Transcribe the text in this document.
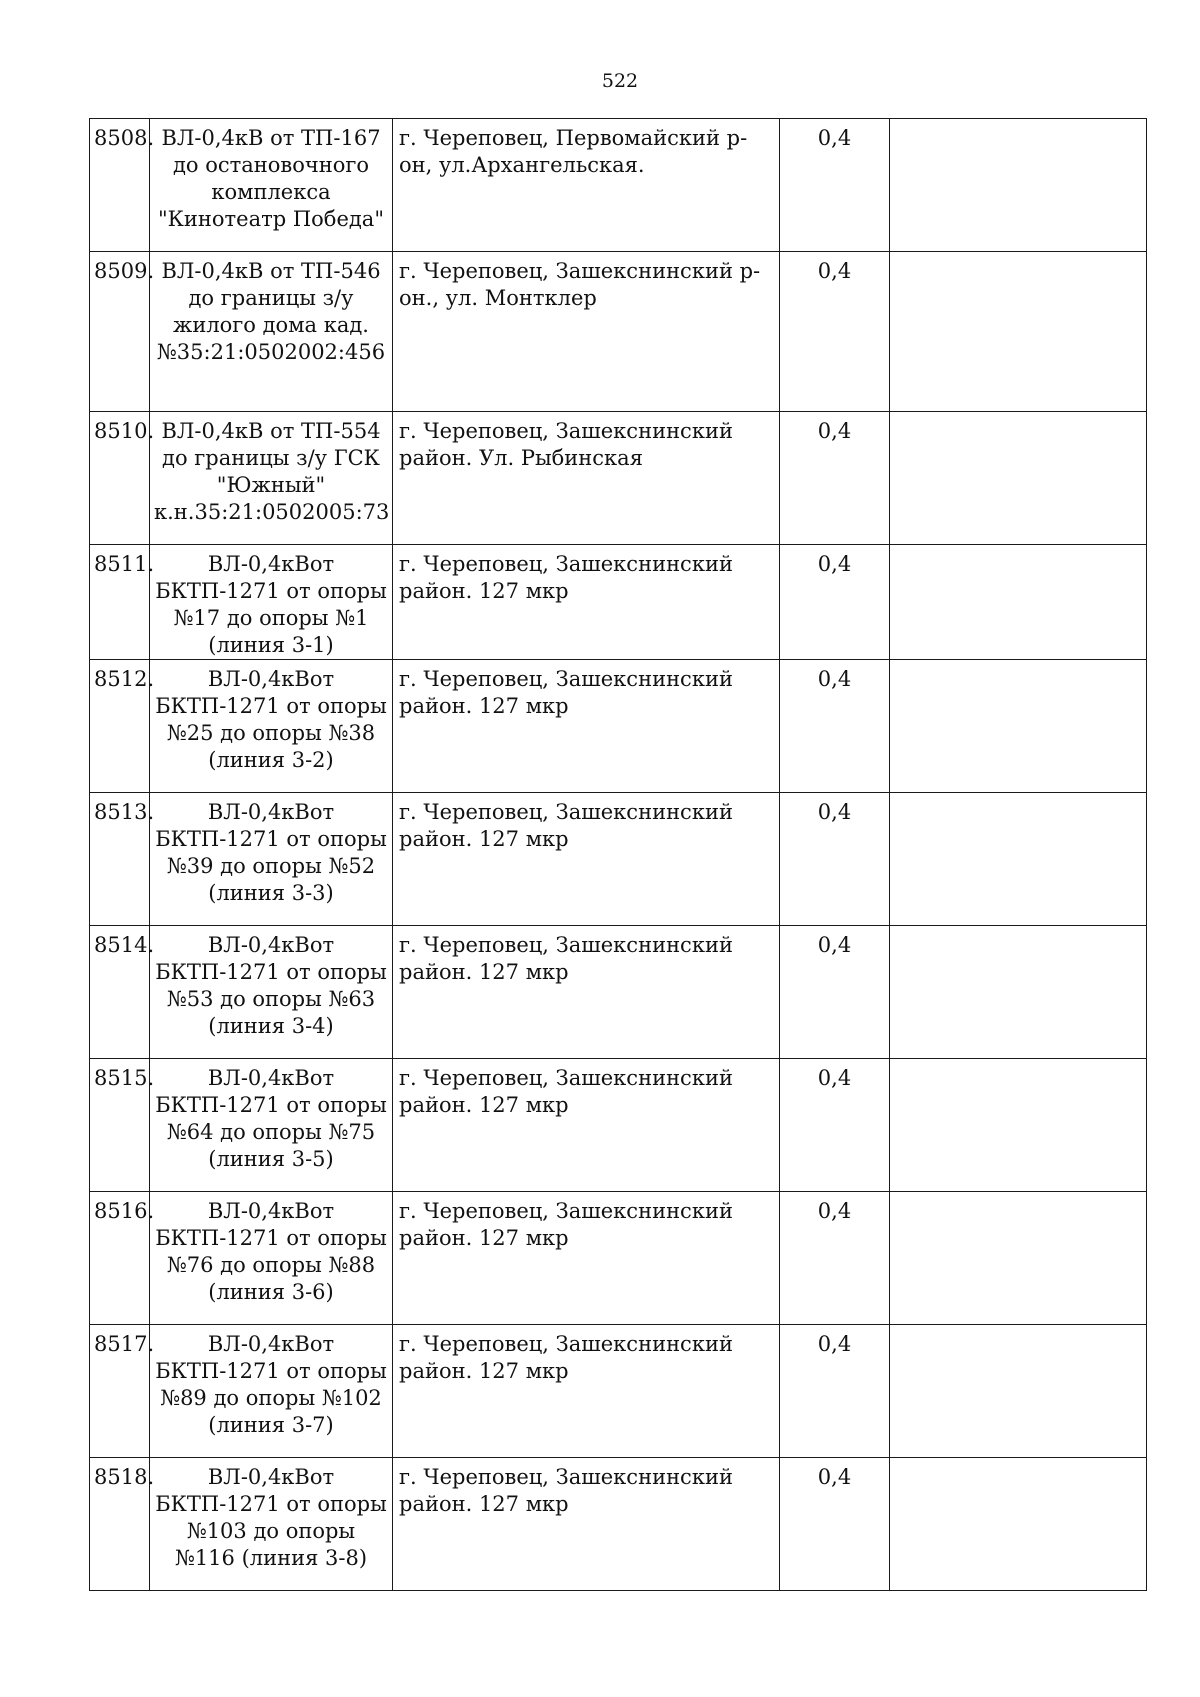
522
8508.	ВЛ-0,4кВ от ТП-167 до остановочного комплекса "Кинотеатр Победа"	г. Череповец, Первомайский р-он, ул.Архангельская.	0,4	
8509.	ВЛ-0,4кВ от ТП-546 до границы з/у жилого дома кад.№35:21:0502002:456	г. Череповец, Зашекснинский р-он., ул. Монтклер	0,4	
8510.	ВЛ-0,4кВ от ТП-554 до границы з/у ГСК "Южный" к.н.35:21:0502005:73	г. Череповец, Зашекснинский район. Ул. Рыбинская	0,4	
8511.	ВЛ-0,4кВот БКТП-1271 от опоры №17 до опоры №1 (линия 3-1)	г. Череповец, Зашекснинский район. 127 мкр	0,4	
8512.	ВЛ-0,4кВот БКТП-1271 от опоры №25 до опоры №38 (линия 3-2)	г. Череповец, Зашекснинский район. 127 мкр	0,4	
8513.	ВЛ-0,4кВот БКТП-1271 от опоры №39 до опоры №52 (линия 3-3)	г. Череповец, Зашекснинский район. 127 мкр	0,4	
8514.	ВЛ-0,4кВот БКТП-1271 от опоры №53 до опоры №63 (линия 3-4)	г. Череповец, Зашекснинский район. 127 мкр	0,4	
8515.	ВЛ-0,4кВот БКТП-1271 от опоры №64 до опоры №75 (линия 3-5)	г. Череповец, Зашекснинский район. 127 мкр	0,4	
8516.	ВЛ-0,4кВот БКТП-1271 от опоры №76 до опоры №88 (линия 3-6)	г. Череповец, Зашекснинский район. 127 мкр	0,4	
8517.	ВЛ-0,4кВот БКТП-1271 от опоры №89 до опоры №102 (линия 3-7)	г. Череповец, Зашекснинский район. 127 мкр	0,4	
8518.	ВЛ-0,4кВот БКТП-1271 от опоры №103 до опоры №116 (линия 3-8)	г. Череповец, Зашекснинский район. 127 мкр	0,4	
